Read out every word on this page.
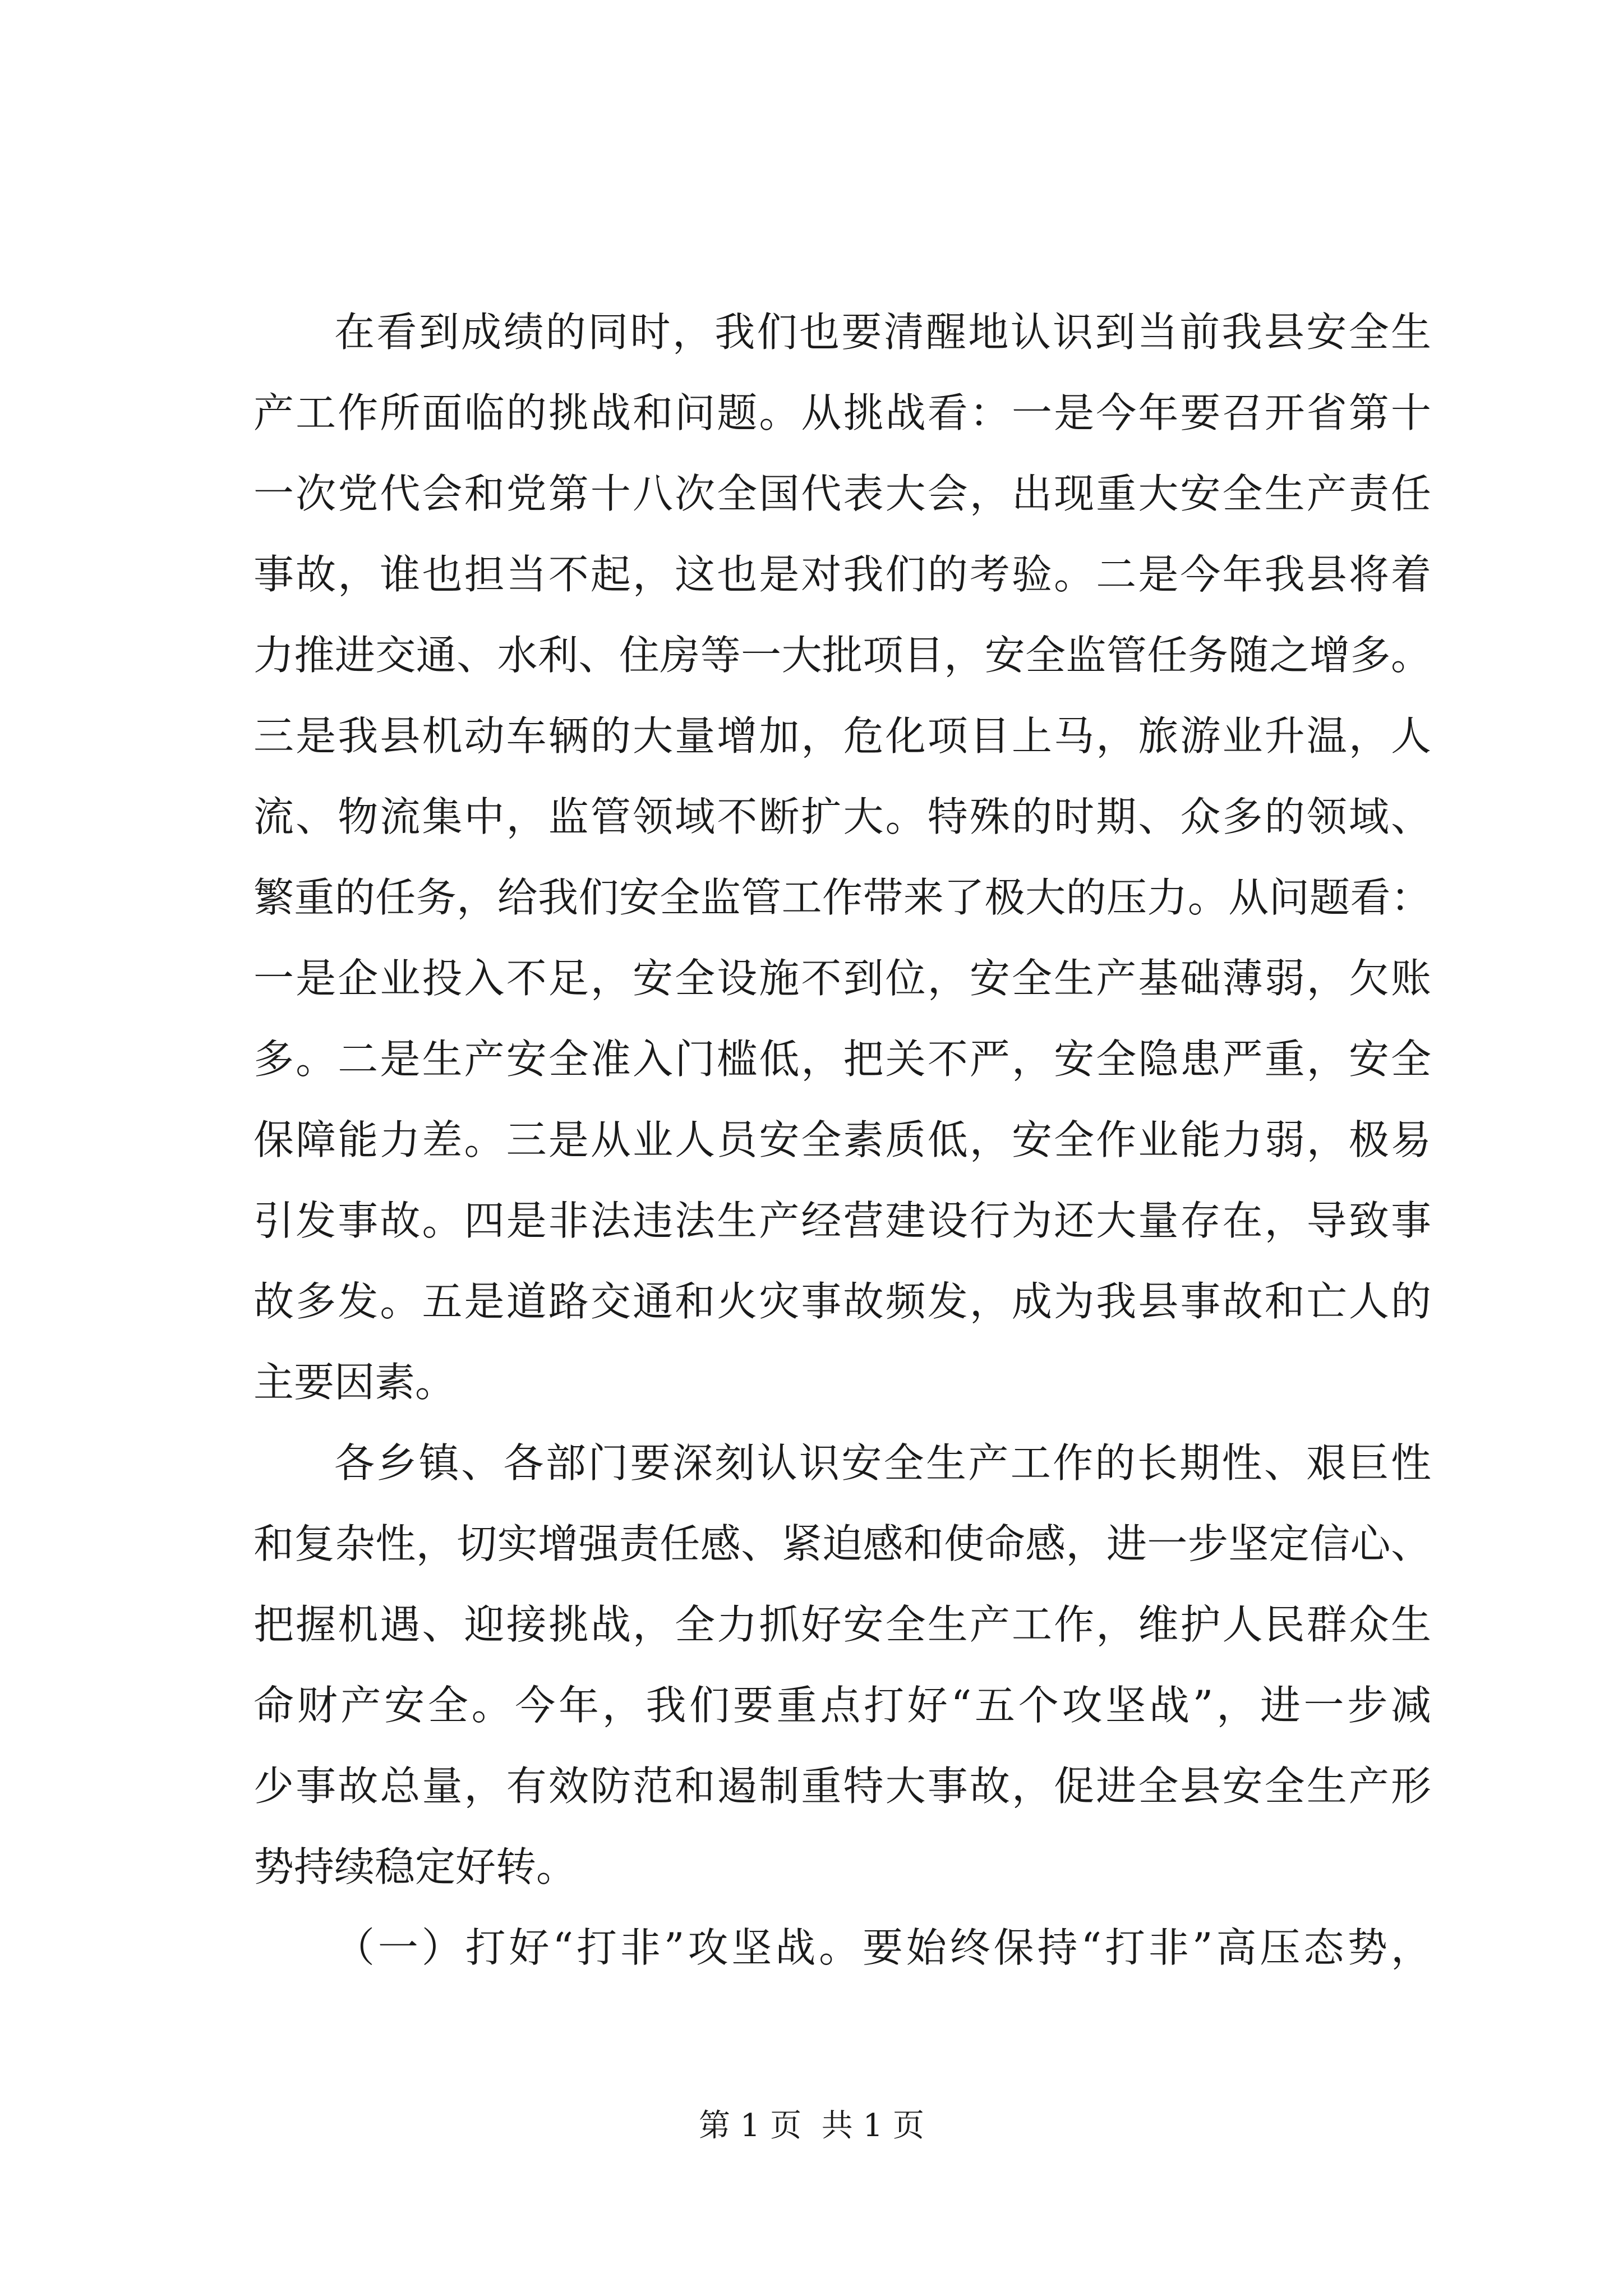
在看到成绩的同时，我们也要清醒地认识到当前我县安全生
产工作所面临的挑战和问题。从挑战看：一是今年要召开省第十
一次党代会和党第十八次全国代表大会，出现重大安全生产责任
事故，谁也担当不起，这也是对我们的考验。二是今年我县将着
力推进交通、水利、住房等一大批项目，安全监管任务随之增多。
三是我县机动车辆的大量增加，危化项目上马，旅游业升温，人
流、物流集中，监管领域不断扩大。特殊的时期、众多的领域、
繁重的任务，给我们安全监管工作带来了极大的压力。从问题看：
一是企业投入不足，安全设施不到位，安全生产基础薄弱，欠账
多。二是生产安全准入门槛低，把关不严，安全隐患严重，安全
保障能力差。三是从业人员安全素质低，安全作业能力弱，极易
引发事故。四是非法违法生产经营建设行为还大量存在，导致事
故多发。五是道路交通和火灾事故频发，成为我县事故和亡人的
主要因素。
各乡镇、各部门要深刻认识安全生产工作的长期性、艰巨性
和复杂性，切实增强责任感、紧迫感和使命感，进一步坚定信心、
把握机遇、迎接挑战，全力抓好安全生产工作，维护人民群众生
命财产安全。今年，我们要重点打好“五个攻坚战”，进一步减
少事故总量，有效防范和遏制重特大事故，促进全县安全生产形
势持续稳定好转。
（一）打好“打非”攻坚战。要始终保持“打非”高压态势，
第 1 页  共 1 页
